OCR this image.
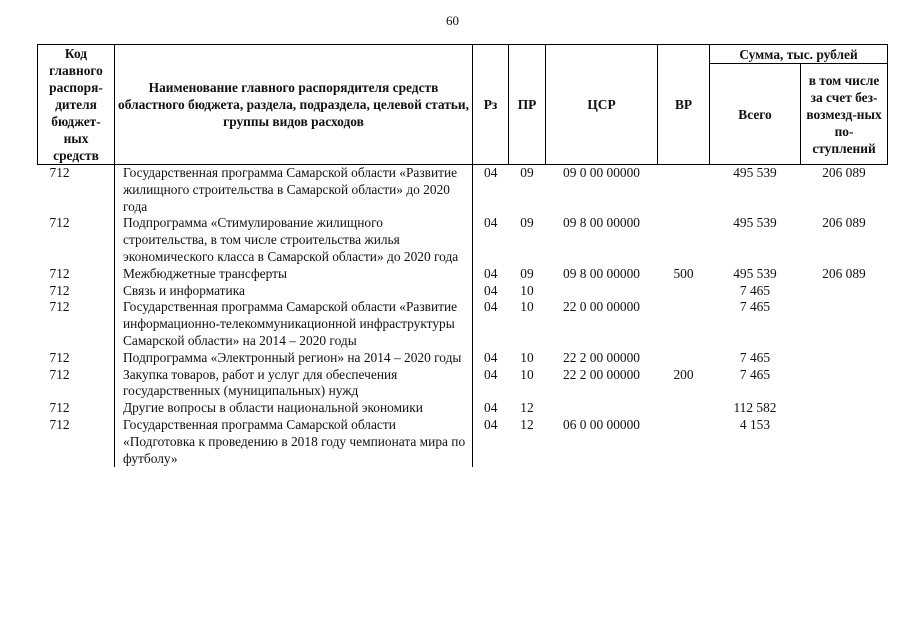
60
Код главного распоря-дителя бюджет-ных средств	Наименование главного распорядителя средств областного бюджета, раздела, подраздела, целевой статьи, группы видов расходов	Рз	ПР	ЦСР	ВР	Сумма, тыс. рублей	
						Всего	в том числе за счет без-возмезд-ных по-ступлений
712	Государственная программа Самарской области «Развитие жилищного строительства в Самарской области» до 2020 года	04	09	09 0 00 00000		495 539	206 089
712	Подпрограмма «Стимулирование жилищного строительства, в том числе строительства жилья экономического класса в Самарской области» до 2020 года	04	09	09 8 00 00000		495 539	206 089
712	Межбюджетные трансферты	04	09	09 8 00 00000	500	495 539	206 089
712	Связь и информатика	04	10			7 465	
712	Государственная программа Самарской области «Развитие информационно-телекоммуникационной инфраструктуры Самарской области» на 2014 – 2020 годы	04	10	22 0 00 00000		7 465	
712	Подпрограмма «Электронный регион» на 2014 – 2020 годы	04	10	22 2 00 00000		7 465	
712	Закупка товаров, работ и услуг для обеспечения государственных (муниципальных) нужд	04	10	22 2 00 00000	200	7 465	
712	Другие вопросы в области национальной экономики	04	12			112 582	
712	Государственная программа Самарской области «Подготовка к проведению в 2018 году чемпионата мира по футболу»	04	12	06 0 00 00000		4 153	
